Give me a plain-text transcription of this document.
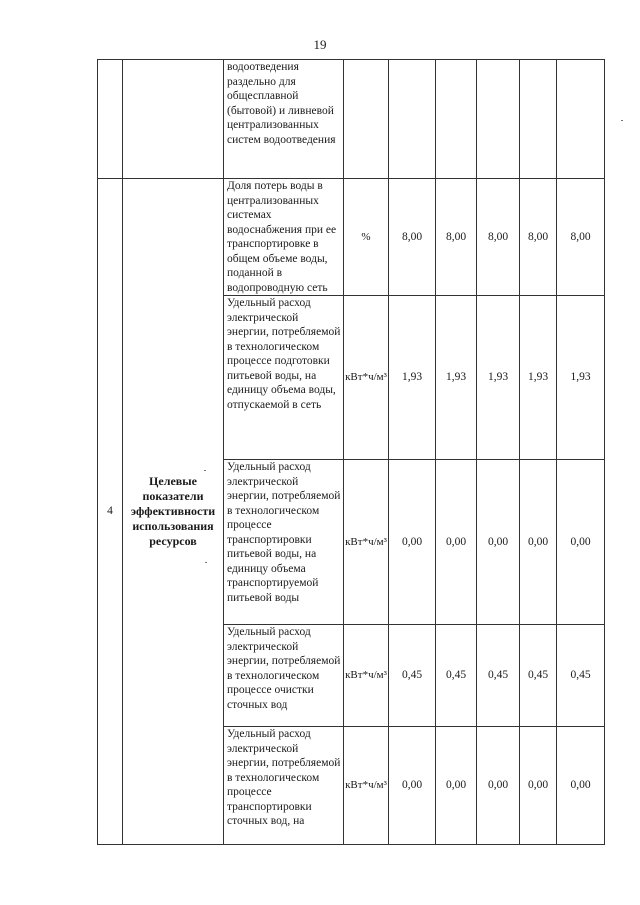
19
		водоотведения раздельно для общесплавной (бытовой) и ливневой централизованных систем водоотведения						
4	Целевые показатели эффективности использования ресурсов	Доля потерь воды в централизованных системах водоснабжения при ее транспортировке в общем объеме воды, поданной в водопроводную сеть	%	8,00	8,00	8,00	8,00	8,00
		Удельный расход электрической энергии, потребляемой в технологическом процессе подготовки питьевой воды, на единицу объема воды, отпускаемой в сеть	кВт*ч/м³	1,93	1,93	1,93	1,93	1,93
		Удельный расход электрической энергии, потребляемой в технологическом процессе транспортировки питьевой воды, на единицу объема транспортируемой питьевой воды	кВт*ч/м³	0,00	0,00	0,00	0,00	0,00
		Удельный расход электрической энергии, потребляемой в технологическом процессе очистки сточных вод	кВт*ч/м³	0,45	0,45	0,45	0,45	0,45
		Удельный расход электрической энергии, потребляемой в технологическом процессе транспортировки сточных вод, на	кВт*ч/м³	0,00	0,00	0,00	0,00	0,00
